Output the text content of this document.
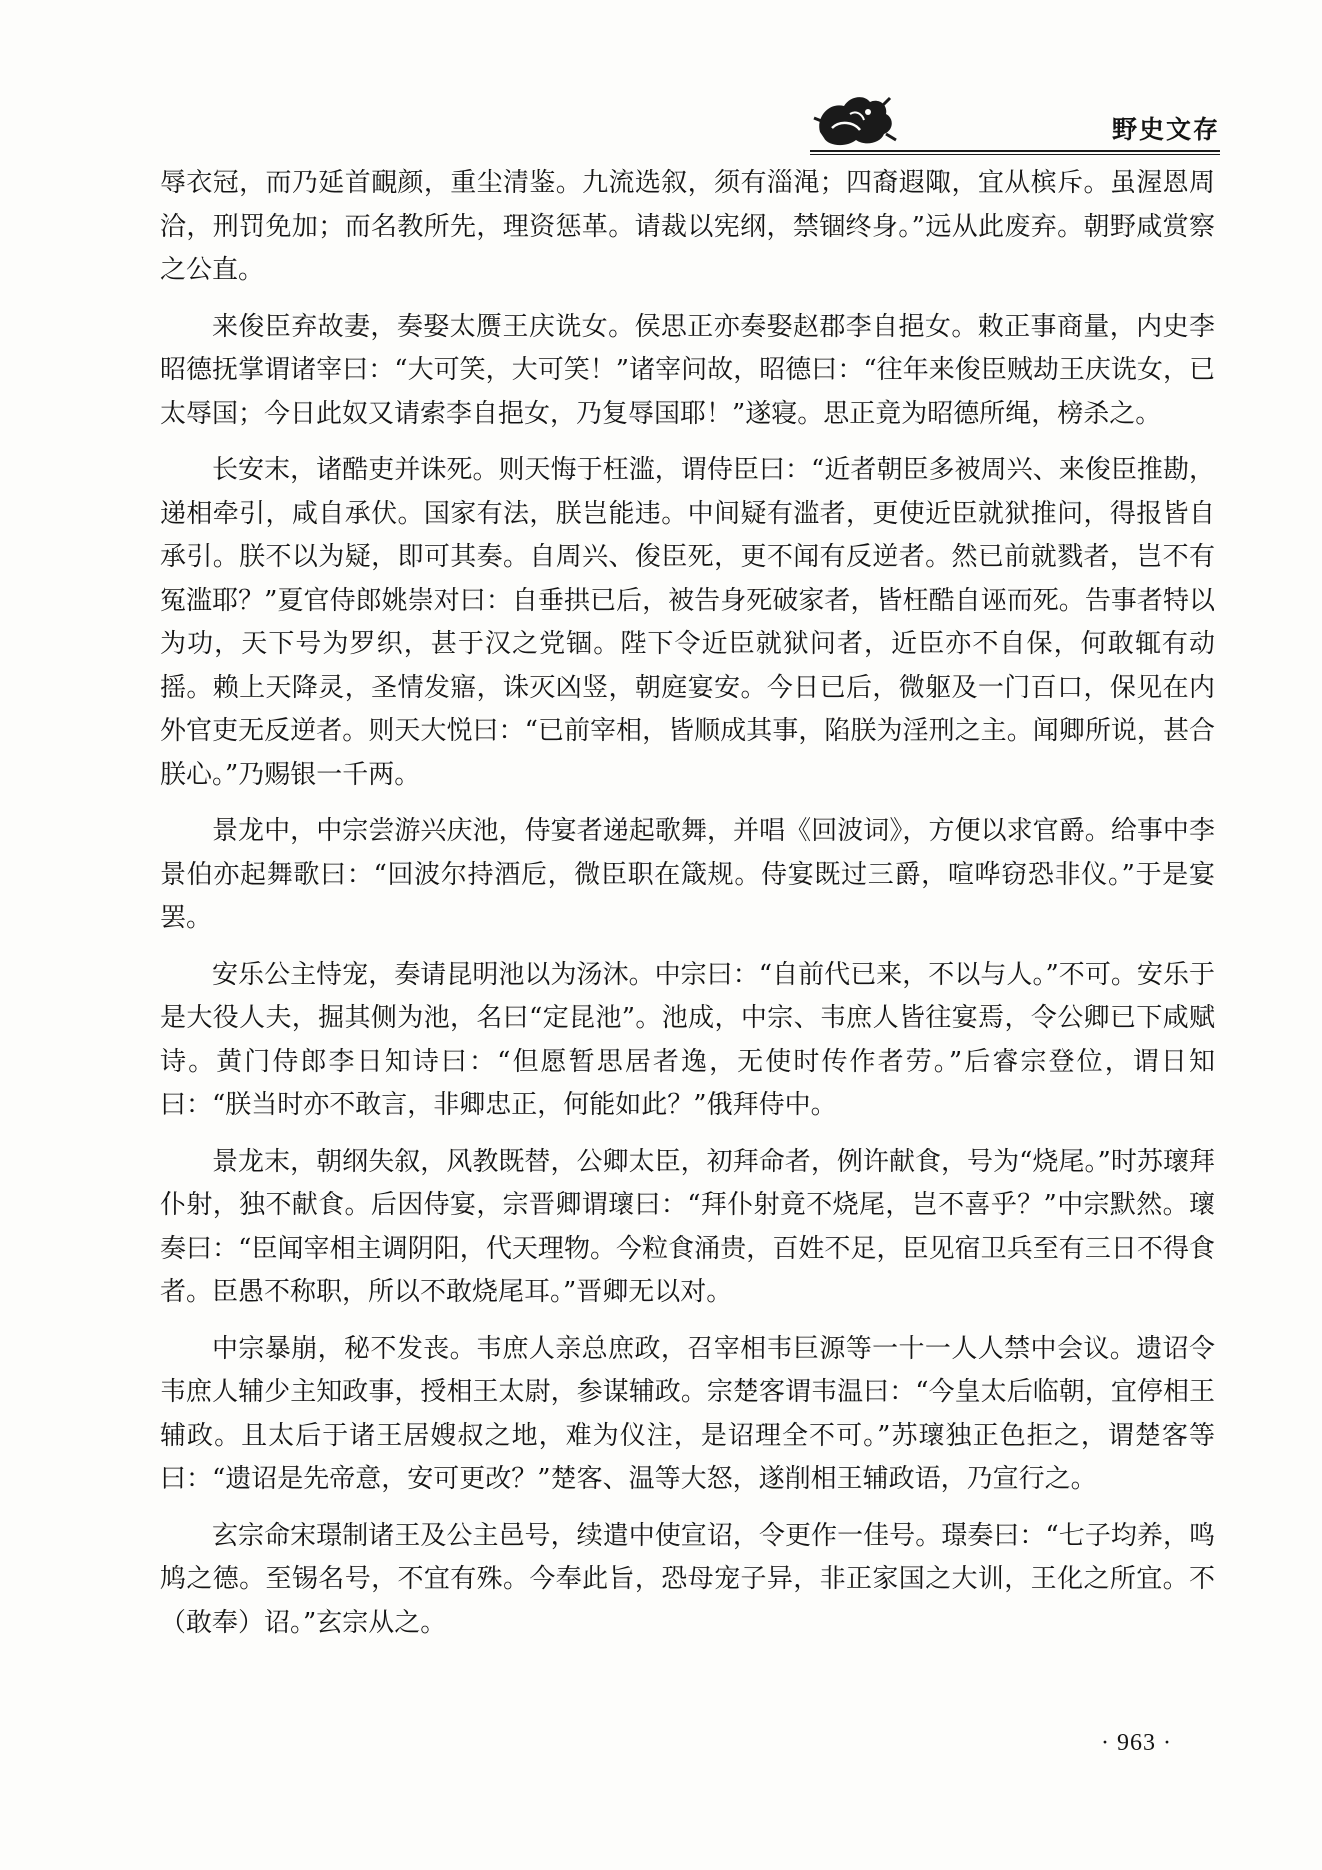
野史文存

辱衣冠，而乃延首靦颜，重尘清鉴。九流选叙，须有淄渑；四裔遐陬，宜从槟斥。虽渥恩周洽，刑罚免加；而名教所先，理资惩革。请裁以宪纲，禁锢终身。”远从此废弃。朝野咸赏察之公直。

来俊臣弃故妻，奏娶太赝王庆诜女。侯思正亦奏娶赵郡李自挹女。敕正事商量，内史李昭德抚掌谓诸宰曰：“大可笑，大可笑！”诸宰问故，昭德曰：“往年来俊臣贼劫王庆诜女，已太辱国；今日此奴又请索李自挹女，乃复辱国耶！”遂寝。思正竟为昭德所绳，榜杀之。

长安末，诸酷吏并诛死。则天悔于枉滥，谓侍臣曰：“近者朝臣多被周兴、来俊臣推勘，递相牵引，咸自承伏。国家有法，朕岂能违。中间疑有滥者，更使近臣就狱推问，得报皆自承引。朕不以为疑，即可其奏。自周兴、俊臣死，更不闻有反逆者。然已前就戮者，岂不有冤滥耶？”夏官侍郎姚崇对曰：自垂拱已后，被告身死破家者，皆枉酷自诬而死。告事者特以为功，天下号为罗织，甚于汉之党锢。陛下令近臣就狱问者，近臣亦不自保，何敢辄有动摇。赖上天降灵，圣情发寤，诛灭凶竖，朝庭宴安。今日已后，微躯及一门百口，保见在内外官吏无反逆者。则天大悦曰：“已前宰相，皆顺成其事，陷朕为淫刑之主。闻卿所说，甚合朕心。”乃赐银一千两。

景龙中，中宗尝游兴庆池，侍宴者递起歌舞，并唱《回波词》，方便以求官爵。给事中李景伯亦起舞歌曰：“回波尔持酒卮，微臣职在箴规。侍宴既过三爵，喧哗窃恐非仪。”于是宴罢。

安乐公主恃宠，奏请昆明池以为汤沐。中宗曰：“自前代已来，不以与人。”不可。安乐于是大役人夫，掘其侧为池，名曰“定昆池”。池成，中宗、韦庶人皆往宴焉，令公卿已下咸赋诗。黄门侍郎李日知诗曰：“但愿暂思居者逸，无使时传作者劳。”后睿宗登位，谓日知曰：“朕当时亦不敢言，非卿忠正，何能如此？”俄拜侍中。

景龙末，朝纲失叙，风教既替，公卿太臣，初拜命者，例许献食，号为“烧尾。”时苏瓌拜仆射，独不献食。后因侍宴，宗晋卿谓瓌曰：“拜仆射竟不烧尾，岂不喜乎？”中宗默然。瓌奏曰：“臣闻宰相主调阴阳，代天理物。今粒食涌贵，百姓不足，臣见宿卫兵至有三日不得食者。臣愚不称职，所以不敢烧尾耳。”晋卿无以对。

中宗暴崩，秘不发丧。韦庶人亲总庶政，召宰相韦巨源等一十一人人禁中会议。遗诏令韦庶人辅少主知政事，授相王太尉，参谋辅政。宗楚客谓韦温曰：“今皇太后临朝，宜停相王辅政。且太后于诸王居嫂叔之地，难为仪注，是诏理全不可。”苏瓌独正色拒之，谓楚客等曰：“遗诏是先帝意，安可更改？”楚客、温等大怒，遂削相王辅政语，乃宣行之。

玄宗命宋璟制诸王及公主邑号，续遣中使宣诏，令更作一佳号。璟奏曰：“七子均养，鸣鸠之德。至锡名号，不宜有殊。今奉此旨，恐母宠子异，非正家国之大训，王化之所宜。不（敢奉）诏。”玄宗从之。

· 963 ·
